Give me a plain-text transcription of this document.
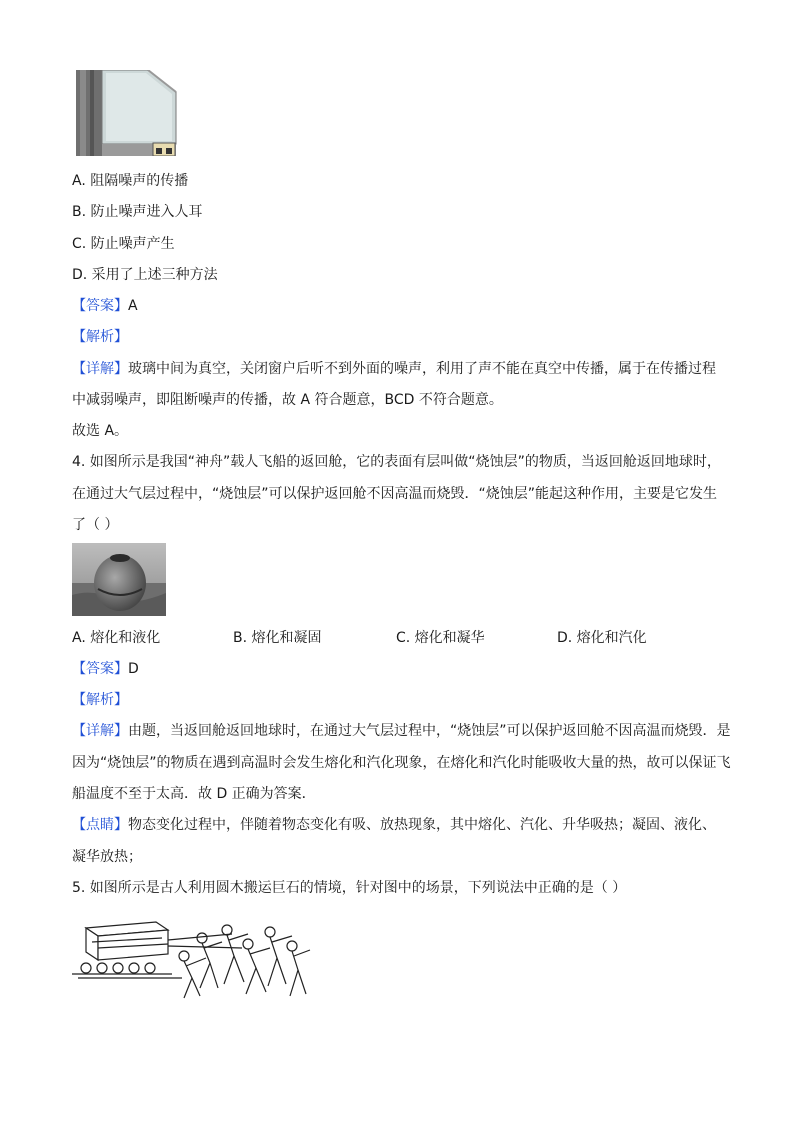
A. 阻隔噪声的传播
B. 防止噪声进入人耳
C. 防止噪声产生
D. 采用了上述三种方法
【答案】A
【解析】
【详解】玻璃中间为真空，关闭窗户后听不到外面的噪声，利用了声不能在真空中传播，属于在传播过程
中减弱噪声，即阻断噪声的传播，故 A 符合题意，BCD 不符合题意。
故选 A。
4. 如图所示是我国“神舟”载人飞船的返回舱，它的表面有层叫做“烧蚀层”的物质，当返回舱返回地球时，
在通过大气层过程中，“烧蚀层”可以保护返回舱不因高温而烧毁．“烧蚀层”能起这种作用，主要是它发生
了（ ）
A. 熔化和液化	B. 熔化和凝固	C. 熔化和凝华	D. 熔化和汽化
【答案】D
【解析】
【详解】由题，当返回舱返回地球时，在通过大气层过程中，“烧蚀层”可以保护返回舱不因高温而烧毁．是
因为“烧蚀层”的物质在遇到高温时会发生熔化和汽化现象，在熔化和汽化时能吸收大量的热，故可以保证飞
船温度不至于太高．故 D 正确为答案．
【点睛】物态变化过程中，伴随着物态变化有吸、放热现象，其中熔化、汽化、升华吸热；凝固、液化、
凝华放热；
5. 如图所示是古人利用圆木搬运巨石的情境，针对图中的场景，下列说法中正确的是（ ）
